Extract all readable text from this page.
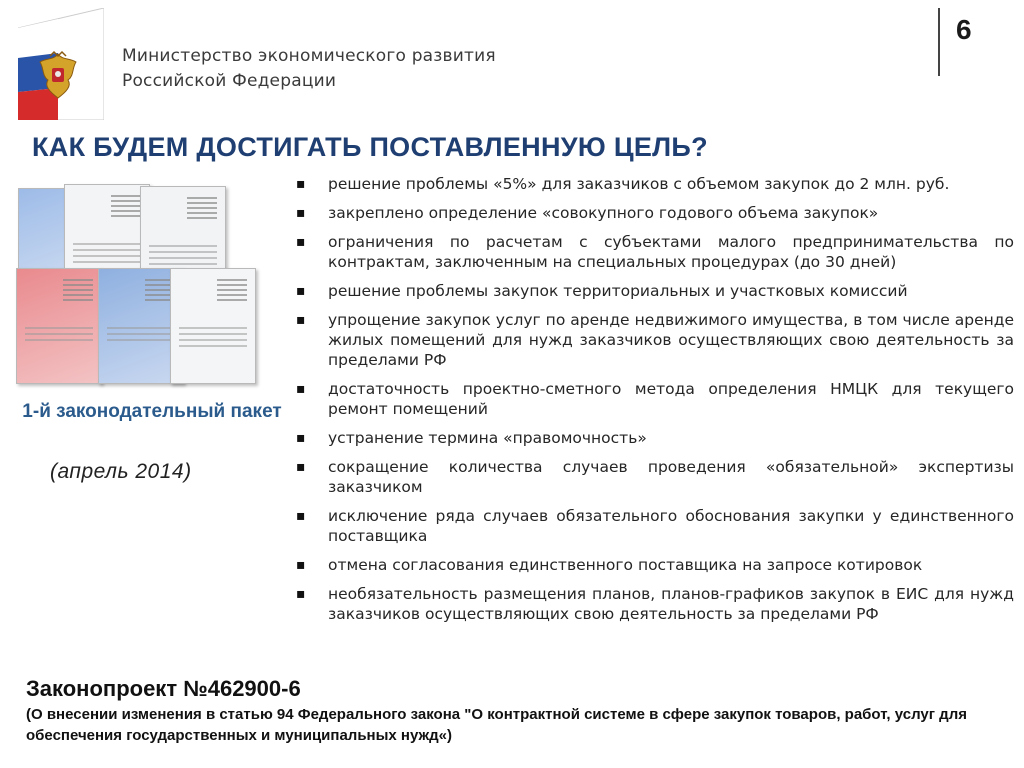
Министерство экономического развития
Российской Федерации
6
КАК БУДЕМ ДОСТИГАТЬ ПОСТАВЛЕННУЮ ЦЕЛЬ?
1-й законодательный пакет
(апрель 2014)
▪ решение проблемы «5%» для заказчиков с объемом закупок до 2 млн. руб.
▪ закреплено определение «совокупного годового объема закупок»
▪ ограничения по расчетам с субъектами малого предпринимательства по контрактам, заключенным на специальных процедурах (до 30 дней)
▪ решение проблемы закупок территориальных и участковых комиссий
▪ упрощение закупок услуг по аренде недвижимого имущества, в том числе аренде жилых помещений для нужд заказчиков осуществляющих свою деятельность за пределами РФ
▪ достаточность проектно-сметного метода определения НМЦК для текущего ремонт помещений
▪ устранение термина «правомочность»
▪ сокращение количества случаев проведения «обязательной» экспертизы заказчиком
▪ исключение ряда случаев обязательного обоснования закупки у единственного поставщика
▪ отмена согласования единственного поставщика на запросе котировок
▪ необязательность размещения планов, планов-графиков закупок в ЕИС для нужд заказчиков осуществляющих свою деятельность за пределами РФ
Законопроект №462900-6
(О внесении изменения в статью 94 Федерального закона "О контрактной системе в сфере закупок товаров, работ, услуг для обеспечения государственных и муниципальных нужд«)
